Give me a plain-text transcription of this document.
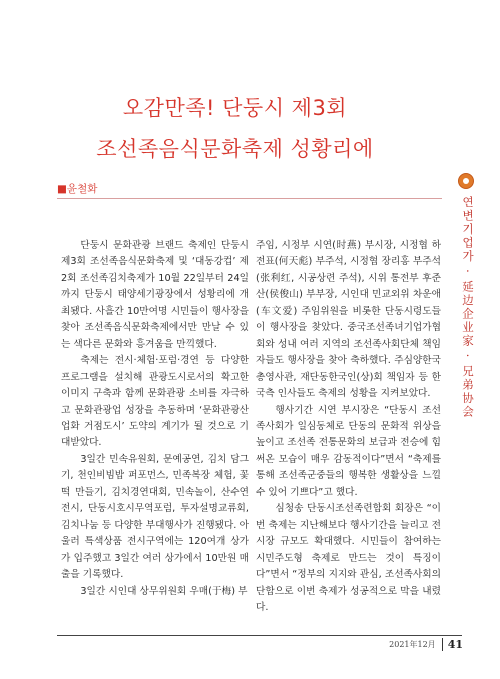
오감만족! 단둥시 제3회
조선족음식문화축제 성황리에
■윤철화
연변기업가 · 延边企业家 · 兄弟协会

단둥시 문화관광 브랜드 축제인 단둥시 제3회 조선족음식문화축제 및 ‘대동강컵’ 제2회 조선족김치축제가 10월 22일부터 24일까지 단둥시 태양세기광장에서 성황리에 개최됐다. 사흘간 10만여명 시민들이 행사장을 찾아 조선족음식문화축제에서만 만날 수 있는 색다른 문화와 흥겨움을 만끽했다.

축제는 전시·체험·포럼·경연 등 다양한 프로그램을 설치해 관광도시로서의 확고한 이미지 구축과 함께 문화관광 소비를 자극하고 문화관광업 성장을 추동하며 ‘문화관광산업화 거점도시’ 도약의 계기가 될 것으로 기대받았다.

3일간 민속유원회, 문예공연, 김치 담그기, 천인비빔밥 퍼포먼스, 민족복장 체험, 꽃떡 만들기, 김치경연대회, 민속놀이, 산수연전시, 단동시호시무역포럼, 투자설명교류회, 김치나눔 등 다양한 부대행사가 진행됐다. 아울러 특색상품 전시구역에는 120여개 상가가 입주했고 3일간 여러 상가에서 10만원 매출을 기록했다.

3일간 시인대 상무위원회 우매(于梅) 부

주임, 시정부 시연(时燕) 부시장, 시정협 하전표(何天彪) 부주석, 시정협 장리홍 부주석(张利红, 시공상련 주석), 시위 통전부 후준산(侯俊山) 부부장, 시인대 민교외위 차운애(车文爱) 주임위원을 비롯한 단동시령도들이 행사장을 찾았다. 중국조선족녀기업가협회와 성내 여러 지역의 조선족사회단체 책임자들도 행사장을 찾아 축하했다. 주심양한국총영사관, 재단동한국인(상)회 책임자 등 한국측 인사들도 축제의 성황을 지켜보았다.

행사기간 시연 부시장은 “단동시 조선족사회가 일심동체로 단동의 문화적 위상을 높이고 조선족 전통문화의 보급과 전승에 힘써온 모습이 매우 감동적이다”면서 “축제를 통해 조선족군중들의 행복한 생활상을 느낄 수 있어 기쁘다”고 했다.

심청송 단동시조선족련합회 회장은 “이번 축제는 지난해보다 행사기간을 늘리고 전시장 규모도 확대했다. 시민들이 참여하는 시민주도형 축제로 만드는 것이 특징이다”면서 “정부의 지지와 관심, 조선족사회의 단합으로 이번 축제가 성공적으로 막을 내렸다.

2021年12月	41
